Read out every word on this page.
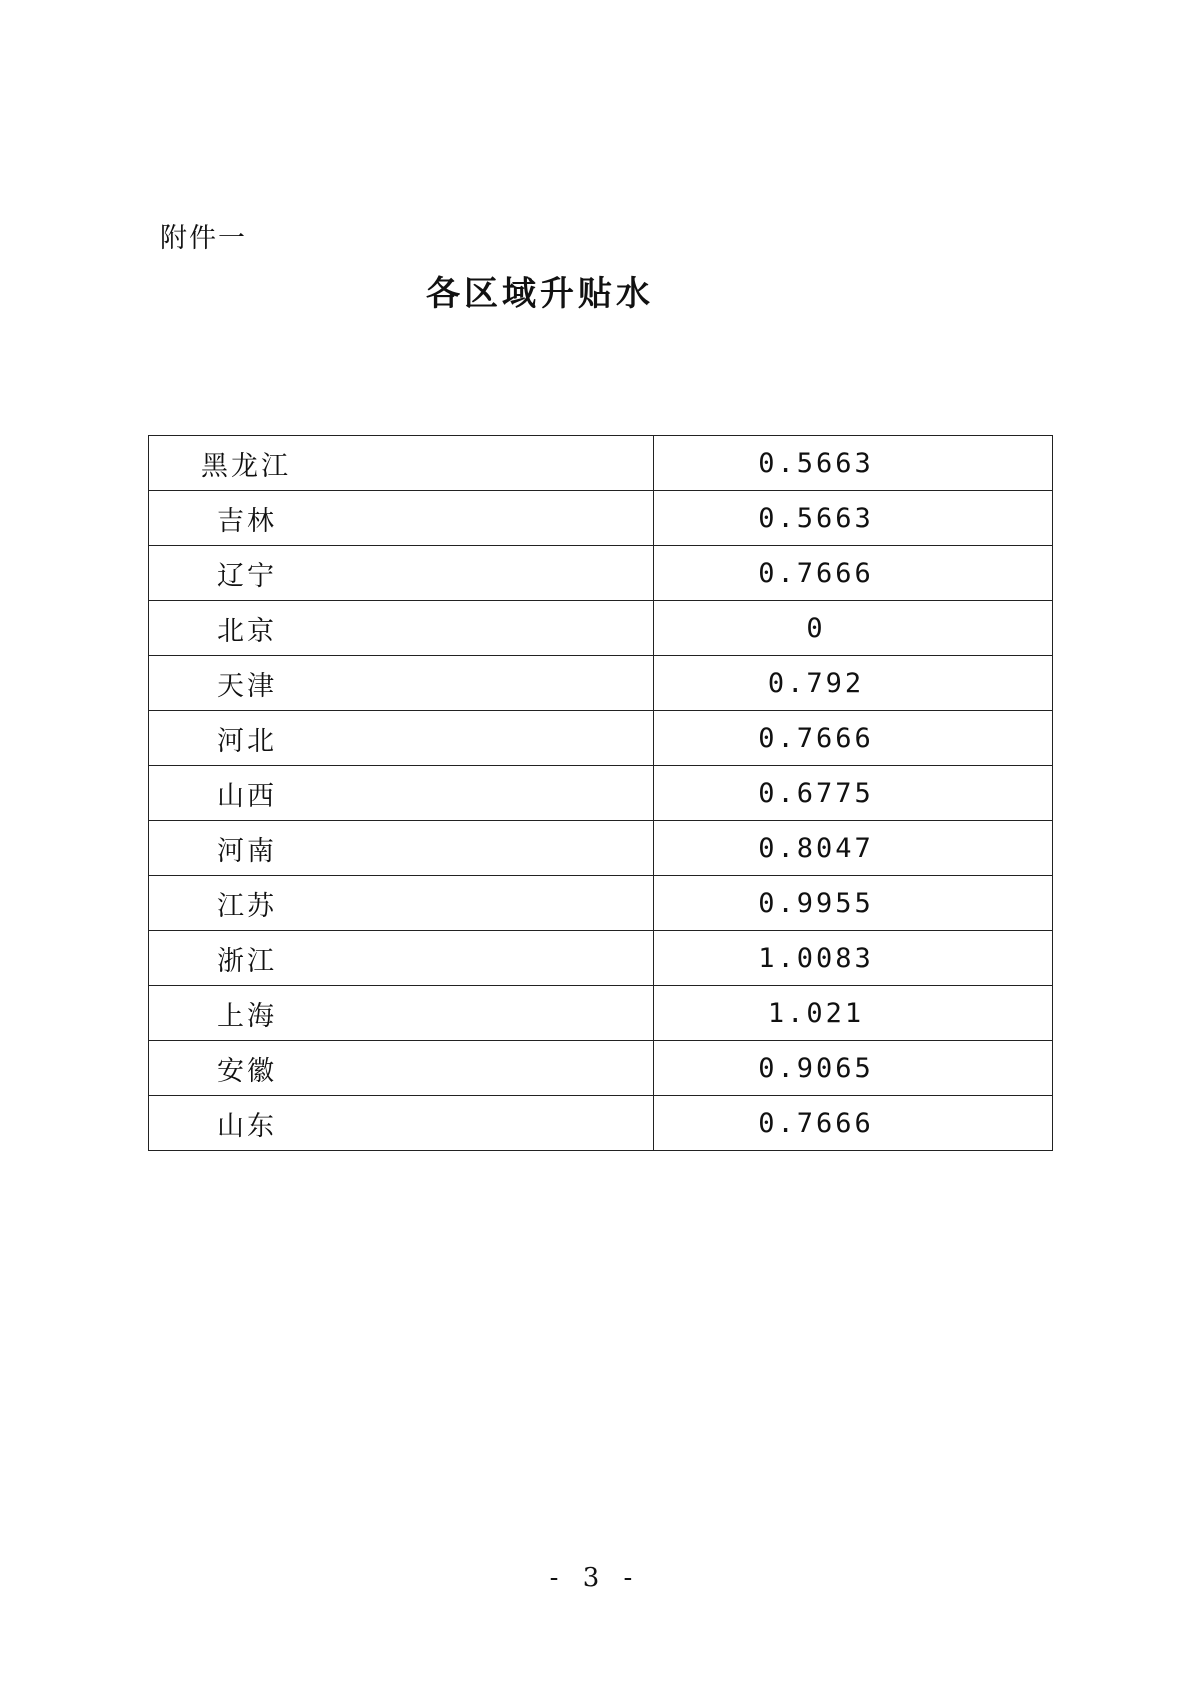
附件一
各区域升贴水
黑龙江	0.5663
吉林	0.5663
辽宁	0.7666
北京	0
天津	0.792
河北	0.7666
山西	0.6775
河南	0.8047
江苏	0.9955
浙江	1.0083
上海	1.021
安徽	0.9065
山东	0.7666
- 3 -
